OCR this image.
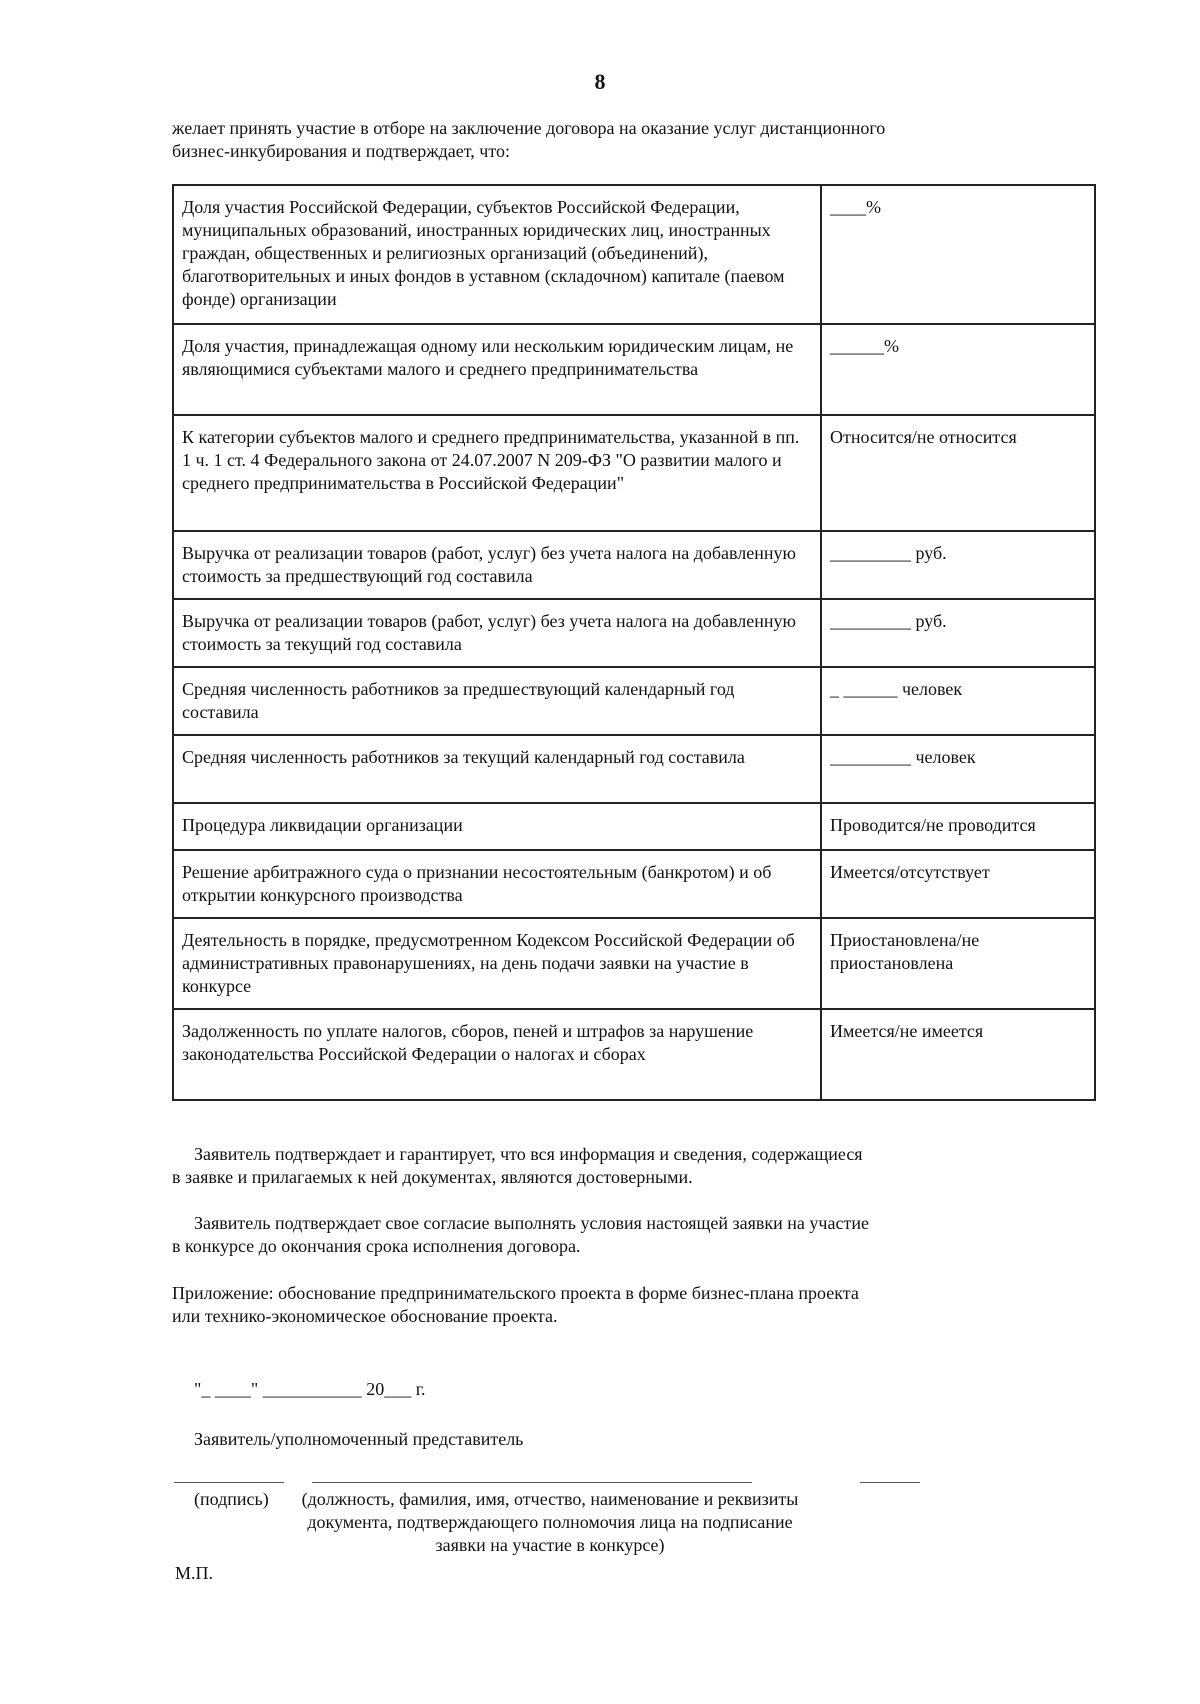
8
желает принять участие в отборе на заключение договора на оказание услуг дистанционного бизнес-инкубирования и подтверждает, что:
Доля участия Российской Федерации, субъектов Российской Федерации, муниципальных образований, иностранных юридических лиц, иностранных граждан, общественных и религиозных организаций (объединений), благотворительных и иных фондов в уставном (складочном) капитале (паевом фонде) организации	____%
Доля участия, принадлежащая одному или нескольким юридическим лицам, не являющимися субъектами малого и среднего предпринимательства	______%
К категории субъектов малого и среднего предпринимательства, указанной в пп. 1 ч. 1 ст. 4 Федерального закона от 24.07.2007 N 209-ФЗ "О развитии малого и среднего предпринимательства в Российской Федерации"	Относится/не относится
Выручка от реализации товаров (работ, услуг) без учета налога на добавленную стоимость за предшествующий год составила	_________ руб.
Выручка от реализации товаров (работ, услуг) без учета налога на добавленную стоимость за текущий год составила	_________ руб.
Средняя численность работников за предшествующий календарный год составила	_ ______ человек
Средняя численность работников за текущий календарный год составила	_________ человек
Процедура ликвидации организации	Проводится/не проводится
Решение арбитражного суда о признании несостоятельным (банкротом) и об открытии конкурсного производства	Имеется/отсутствует
Деятельность в порядке, предусмотренном Кодексом Российской Федерации об административных правонарушениях, на день подачи заявки на участие в конкурсе	Приостановлена/не приостановлена
Задолженность по уплате налогов, сборов, пеней и штрафов за нарушение законодательства Российской Федерации о налогах и сборах	Имеется/не имеется
Заявитель подтверждает и гарантирует, что вся информация и сведения, содержащиеся в заявке и прилагаемых к ней документах, являются достоверными.
Заявитель подтверждает свое согласие выполнять условия настоящей заявки на участие в конкурсе до окончания срока исполнения договора.
Приложение: обоснование предпринимательского проекта в форме бизнес-плана проекта или технико-экономическое обоснование проекта.
"_ ____" ___________ 20___ г.
Заявитель/уполномоченный представитель
(подпись)	(должность, фамилия, имя, отчество, наименование и реквизиты документа, подтверждающего полномочия лица на подписание заявки на участие в конкурсе)
М.П.
